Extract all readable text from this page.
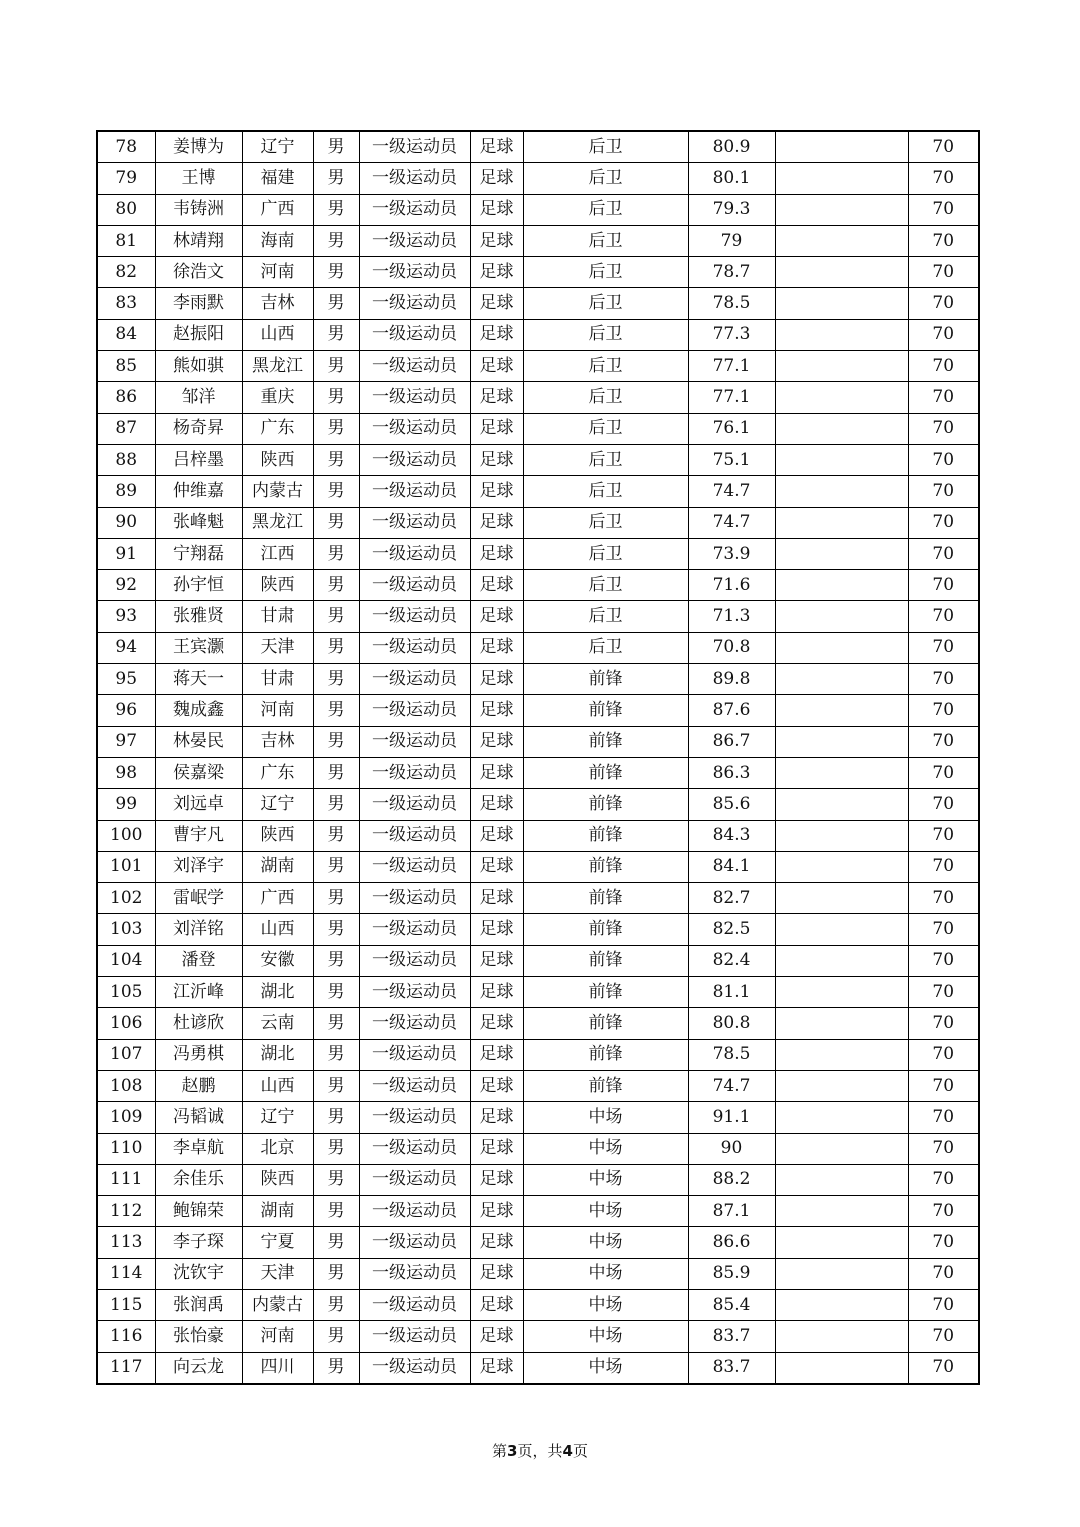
78	姜博为	辽宁	男	一级运动员	足球	后卫	80.9		70
79	王博	福建	男	一级运动员	足球	后卫	80.1		70
80	韦铸洲	广西	男	一级运动员	足球	后卫	79.3		70
81	林靖翔	海南	男	一级运动员	足球	后卫	79		70
82	徐浩文	河南	男	一级运动员	足球	后卫	78.7		70
83	李雨默	吉林	男	一级运动员	足球	后卫	78.5		70
84	赵振阳	山西	男	一级运动员	足球	后卫	77.3		70
85	熊如骐	黑龙江	男	一级运动员	足球	后卫	77.1		70
86	邹洋	重庆	男	一级运动员	足球	后卫	77.1		70
87	杨奇昇	广东	男	一级运动员	足球	后卫	76.1		70
88	吕梓墨	陕西	男	一级运动员	足球	后卫	75.1		70
89	仲维嘉	内蒙古	男	一级运动员	足球	后卫	74.7		70
90	张峰魁	黑龙江	男	一级运动员	足球	后卫	74.7		70
91	宁翔磊	江西	男	一级运动员	足球	后卫	73.9		70
92	孙宇恒	陕西	男	一级运动员	足球	后卫	71.6		70
93	张雅贤	甘肃	男	一级运动员	足球	后卫	71.3		70
94	王宾灏	天津	男	一级运动员	足球	后卫	70.8		70
95	蒋天一	甘肃	男	一级运动员	足球	前锋	89.8		70
96	魏成鑫	河南	男	一级运动员	足球	前锋	87.6		70
97	林晏民	吉林	男	一级运动员	足球	前锋	86.7		70
98	侯嘉梁	广东	男	一级运动员	足球	前锋	86.3		70
99	刘远卓	辽宁	男	一级运动员	足球	前锋	85.6		70
100	曹宇凡	陕西	男	一级运动员	足球	前锋	84.3		70
101	刘泽宇	湖南	男	一级运动员	足球	前锋	84.1		70
102	雷岷学	广西	男	一级运动员	足球	前锋	82.7		70
103	刘洋铭	山西	男	一级运动员	足球	前锋	82.5		70
104	潘登	安徽	男	一级运动员	足球	前锋	82.4		70
105	江沂峰	湖北	男	一级运动员	足球	前锋	81.1		70
106	杜谚欣	云南	男	一级运动员	足球	前锋	80.8		70
107	冯勇棋	湖北	男	一级运动员	足球	前锋	78.5		70
108	赵鹏	山西	男	一级运动员	足球	前锋	74.7		70
109	冯韬诚	辽宁	男	一级运动员	足球	中场	91.1		70
110	李卓航	北京	男	一级运动员	足球	中场	90		70
111	余佳乐	陕西	男	一级运动员	足球	中场	88.2		70
112	鲍锦荣	湖南	男	一级运动员	足球	中场	87.1		70
113	李子琛	宁夏	男	一级运动员	足球	中场	86.6		70
114	沈钦宇	天津	男	一级运动员	足球	中场	85.9		70
115	张润禹	内蒙古	男	一级运动员	足球	中场	85.4		70
116	张怡豪	河南	男	一级运动员	足球	中场	83.7		70
117	向云龙	四川	男	一级运动员	足球	中场	83.7		70
第3页，共4页
